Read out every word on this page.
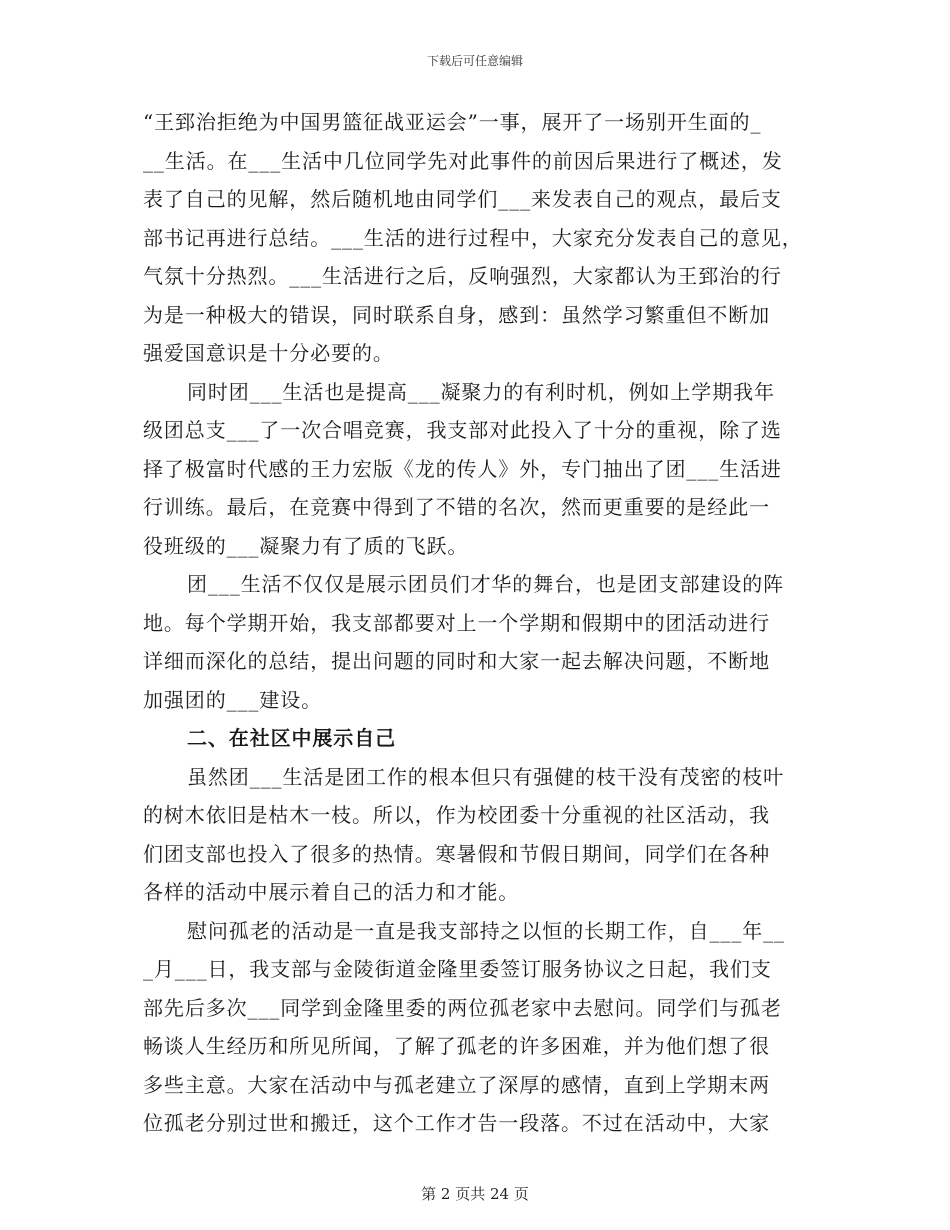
下载后可任意编辑
“王郅治拒绝为中国男篮征战亚运会”一事，展开了一场别开生面的_
__生活。在___生活中几位同学先对此事件的前因后果进行了概述，发
表了自己的见解，然后随机地由同学们___来发表自己的观点，最后支
部书记再进行总结。___生活的进行过程中，大家充分发表自己的意见，
气氛十分热烈。___生活进行之后，反响强烈，大家都认为王郅治的行
为是一种极大的错误，同时联系自身，感到：虽然学习繁重但不断加
强爱国意识是十分必要的。
同时团___生活也是提高___凝聚力的有利时机，例如上学期我年
级团总支___了一次合唱竞赛，我支部对此投入了十分的重视，除了选
择了极富时代感的王力宏版《龙的传人》外，专门抽出了团___生活进
行训练。最后，在竞赛中得到了不错的名次，然而更重要的是经此一
役班级的___凝聚力有了质的飞跃。
团___生活不仅仅是展示团员们才华的舞台，也是团支部建设的阵
地。每个学期开始，我支部都要对上一个学期和假期中的团活动进行
详细而深化的总结，提出问题的同时和大家一起去解决问题，不断地
加强团的___建设。
二、在社区中展示自己
虽然团___生活是团工作的根本但只有强健的枝干没有茂密的枝叶
的树木依旧是枯木一枝。所以，作为校团委十分重视的社区活动，我
们团支部也投入了很多的热情。寒暑假和节假日期间，同学们在各种
各样的活动中展示着自己的活力和才能。
慰问孤老的活动是一直是我支部持之以恒的长期工作，自___年__
_月___日，我支部与金陵街道金隆里委签订服务协议之日起，我们支
部先后多次___同学到金隆里委的两位孤老家中去慰问。同学们与孤老
畅谈人生经历和所见所闻，了解了孤老的许多困难，并为他们想了很
多些主意。大家在活动中与孤老建立了深厚的感情，直到上学期末两
位孤老分别过世和搬迁，这个工作才告一段落。不过在活动中，大家
第 2 页共 24 页
